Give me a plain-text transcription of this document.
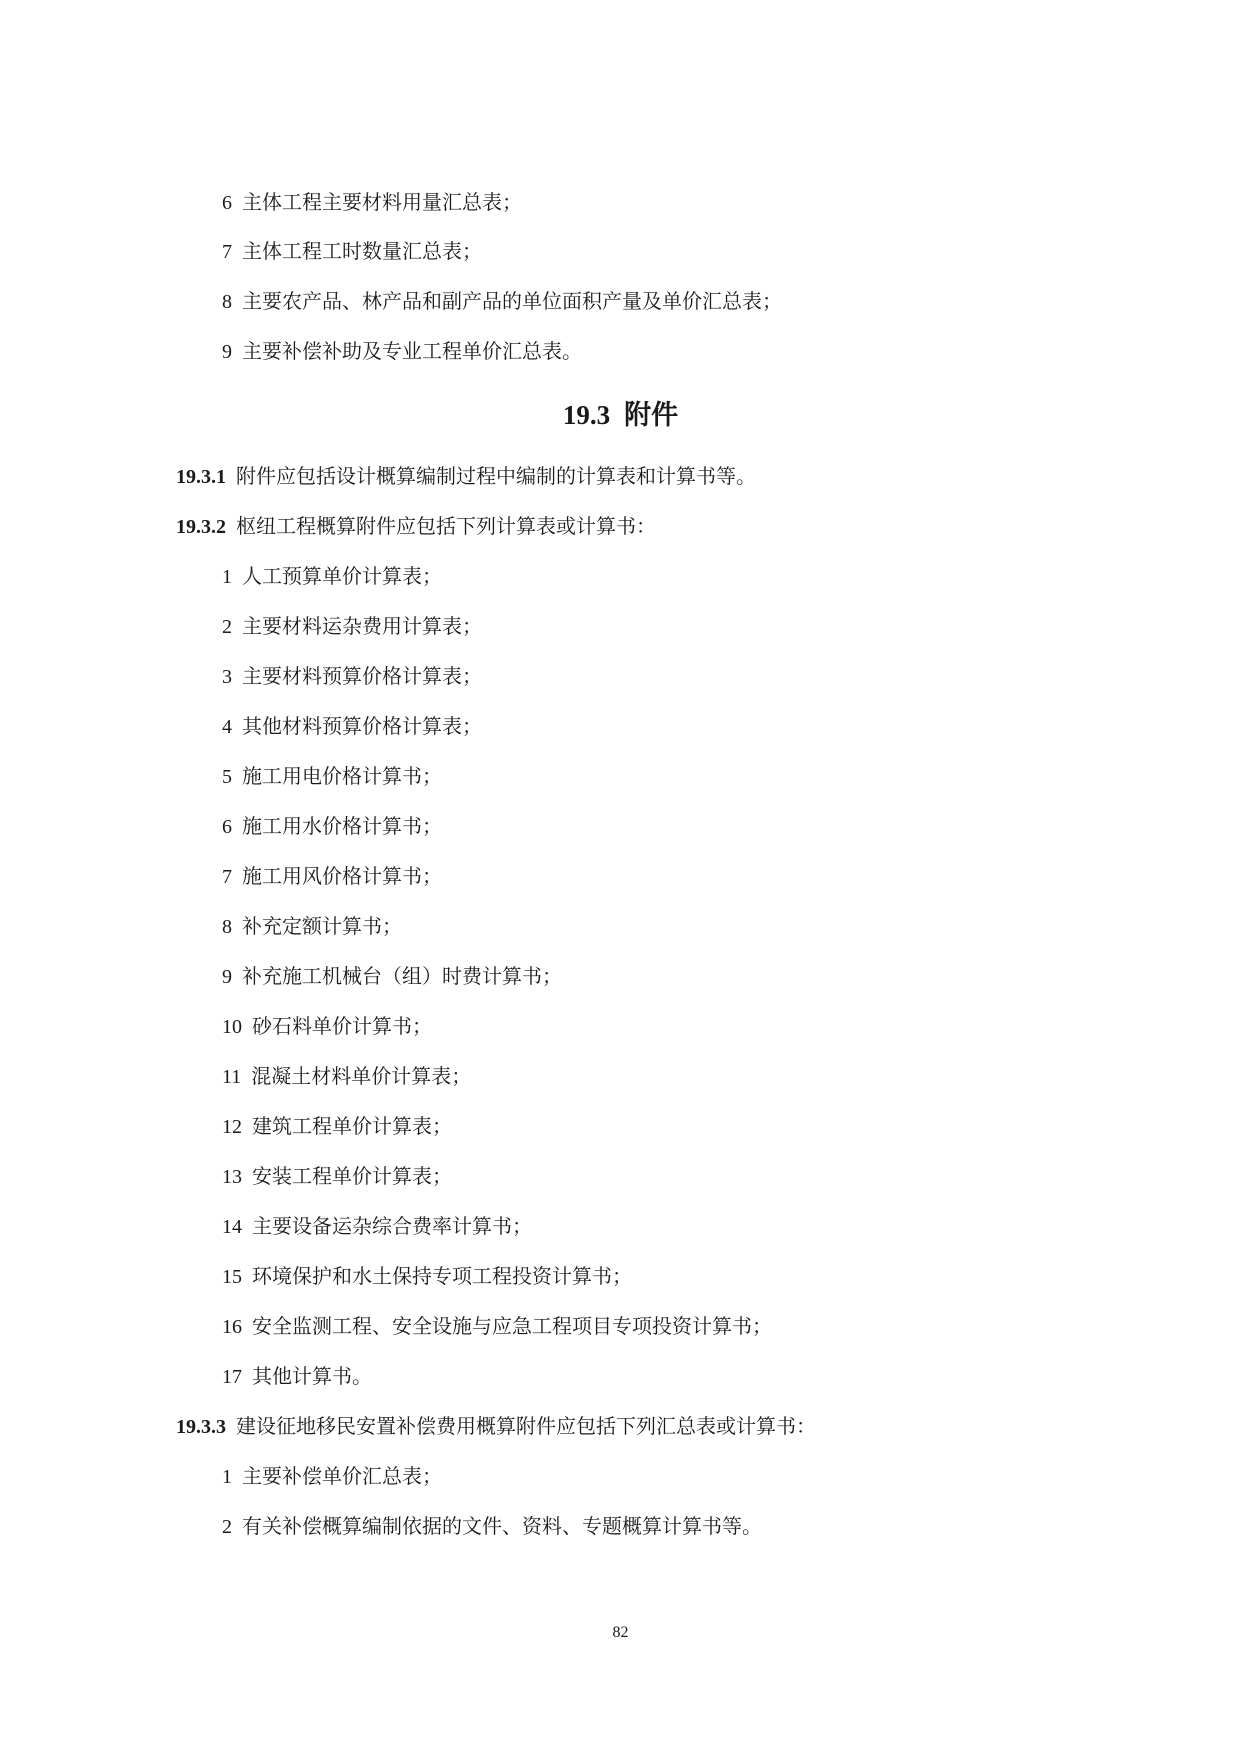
6 主体工程主要材料用量汇总表；
7 主体工程工时数量汇总表；
8 主要农产品、林产品和副产品的单位面积产量及单价汇总表；
9 主要补偿补助及专业工程单价汇总表。
19.3 附件
19.3.1 附件应包括设计概算编制过程中编制的计算表和计算书等。
19.3.2 枢纽工程概算附件应包括下列计算表或计算书：
1 人工预算单价计算表；
2 主要材料运杂费用计算表；
3 主要材料预算价格计算表；
4 其他材料预算价格计算表；
5 施工用电价格计算书；
6 施工用水价格计算书；
7 施工用风价格计算书；
8 补充定额计算书；
9 补充施工机械台（组）时费计算书；
10 砂石料单价计算书；
11 混凝土材料单价计算表；
12 建筑工程单价计算表；
13 安装工程单价计算表；
14 主要设备运杂综合费率计算书；
15 环境保护和水土保持专项工程投资计算书；
16 安全监测工程、安全设施与应急工程项目专项投资计算书；
17 其他计算书。
19.3.3 建设征地移民安置补偿费用概算附件应包括下列汇总表或计算书：
1 主要补偿单价汇总表；
2 有关补偿概算编制依据的文件、资料、专题概算计算书等。
82
